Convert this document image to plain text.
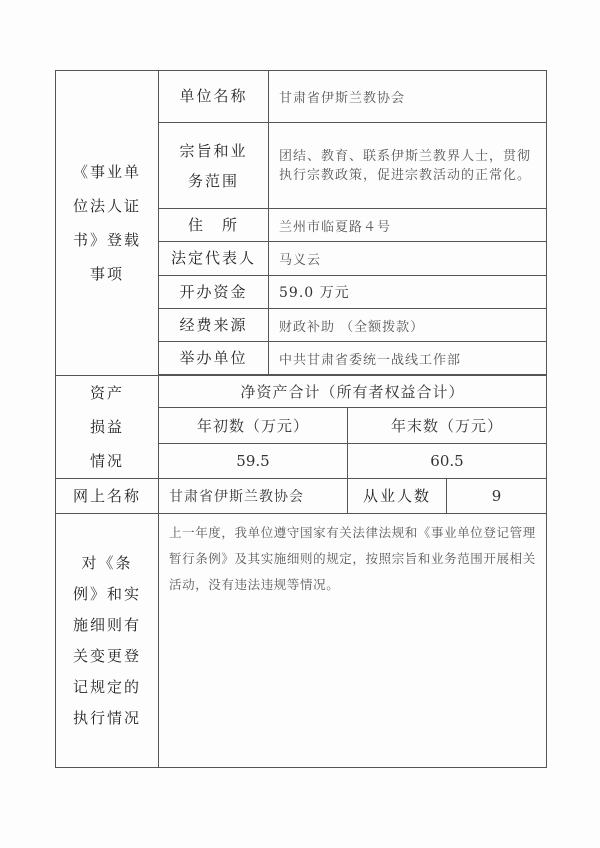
《事业单位法人证书》登载事项	单位名称	甘肃省伊斯兰教协会		

	宗旨和业务范围	团结、教育、联系伊斯兰教界人士，贯彻执行宗教政策，促进宗教活动的正常化。		
	住　所	兰州市临夏路４号		
	法定代表人	马义云		
	开办资金	59.0 万元		
	经费来源	财政补助 （全额拨款）		
	举办单位	中共甘肃省委统一战线工作部		

资产损益情况	净资产合计（所有者权益合计）			
	年初数（万元）		年末数（万元）	
	59.5		60.5	
网上名称	甘肃省伊斯兰教协会		从业人数	9

对《条例》和实施细则有关变更登记规定的执行情况	上一年度，我单位遵守国家有关法律法规和《事业单位登记管理暂行条例》及其实施细则的规定，按照宗旨和业务范围开展相关活动，没有违法违规等情况。			
